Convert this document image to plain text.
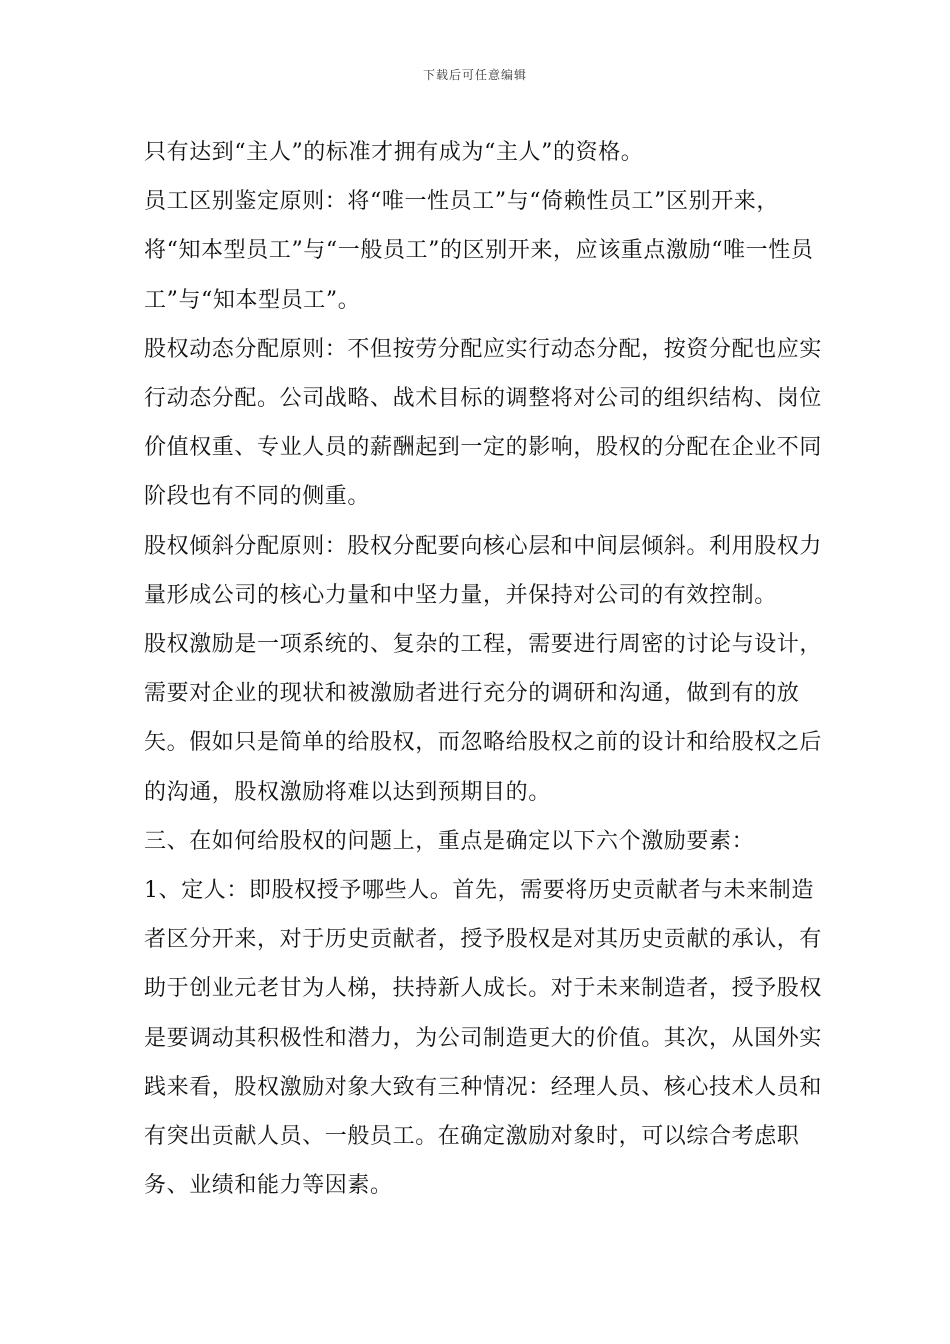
下载后可任意编辑

只有达到“主人”的标准才拥有成为“主人”的资格。

员工区别鉴定原则：将“唯一性员工”与“倚赖性员工”区别开来，将“知本型员工”与“一般员工”的区别开来，应该重点激励“唯一性员工”与“知本型员工”。

股权动态分配原则：不但按劳分配应实行动态分配，按资分配也应实行动态分配。公司战略、战术目标的调整将对公司的组织结构、岗位价值权重、专业人员的薪酬起到一定的影响，股权的分配在企业不同阶段也有不同的侧重。

股权倾斜分配原则：股权分配要向核心层和中间层倾斜。利用股权力量形成公司的核心力量和中坚力量，并保持对公司的有效控制。

股权激励是一项系统的、复杂的工程，需要进行周密的讨论与设计，需要对企业的现状和被激励者进行充分的调研和沟通，做到有的放矢。假如只是简单的给股权，而忽略给股权之前的设计和给股权之后的沟通，股权激励将难以达到预期目的。

三、在如何给股权的问题上，重点是确定以下六个激励要素：

1、定人：即股权授予哪些人。首先，需要将历史贡献者与未来制造者区分开来，对于历史贡献者，授予股权是对其历史贡献的承认，有助于创业元老甘为人梯，扶持新人成长。对于未来制造者，授予股权是要调动其积极性和潜力，为公司制造更大的价值。其次，从国外实践来看，股权激励对象大致有三种情况：经理人员、核心技术人员和有突出贡献人员、一般员工。在确定激励对象时，可以综合考虑职务、业绩和能力等因素。
